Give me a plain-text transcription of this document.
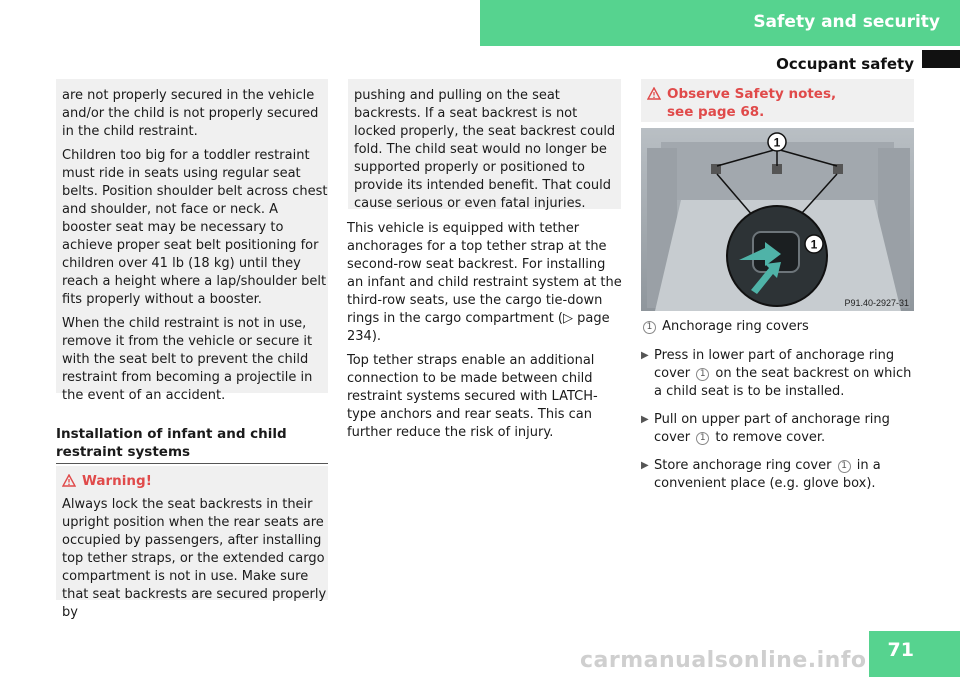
Safety and security
Occupant safety

are not properly secured in the vehicle and/or the child is not properly secured in the child restraint.

Children too big for a toddler restraint must ride in seats using regular seat belts. Position shoulder belt across chest and shoulder, not face or neck. A booster seat may be necessary to achieve proper seat belt positioning for children over 41 lb (18 kg) until they reach a height where a lap/shoulder belt fits properly without a booster.

When the child restraint is not in use, remove it from the vehicle or secure it with the seat belt to prevent the child restraint from becoming a projectile in the event of an accident.

Installation of infant and child restraint systems
Warning!

Always lock the seat backrests in their upright position when the rear seats are occupied by passengers, after installing top tether straps, or the extended cargo compartment is not in use. Make sure that seat backrests are secured properly by

pushing and pulling on the seat backrests. If a seat backrest is not locked properly, the seat backrest could fold. The child seat would no longer be supported properly or positioned to provide its intended benefit. That could cause serious or even fatal injuries.

This vehicle is equipped with tether anchorages for a top tether strap at the second-row seat backrest. For installing an infant and child restraint system at the third-row seats, use the cargo tie-down rings in the cargo compartment (▷ page 234).

Top tether straps enable an additional connection to be made between child restraint systems secured with LATCH-type anchors and rear seats. This can further reduce the risk of injury.

Observe Safety notes, see page 68.
1
1
P91.40-2927-31
1 Anchorage ring covers
▶ Press in lower part of anchorage ring cover 1 on the seat backrest on which a child seat is to be installed.
▶ Pull on upper part of anchorage ring cover 1 to remove cover.
▶ Store anchorage ring cover 1 in a convenient place (e.g. glove box).
71
carmanualsonline.info
